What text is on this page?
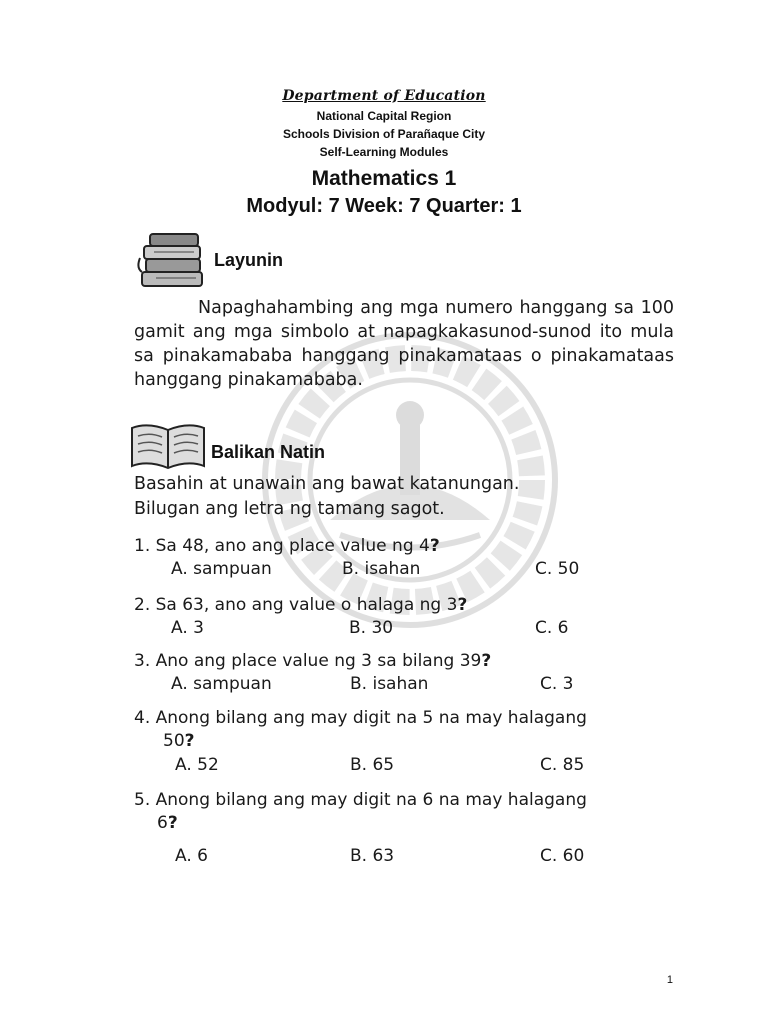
Department of Education

National Capital Region

Schools Division of Parañaque City

Self-Learning Modules

Mathematics 1

Modyul: 7 Week: 7 Quarter: 1

Layunin
Napaghahambing ang mga numero hanggang sa 100 gamit ang mga simbolo at napagkakasunod-sunod ito mula sa pinakamababa hanggang pinakamataas o pinakamataas hanggang pinakamababa.
Balikan Natin
Basahin at unawain ang bawat katanungan.
Bilugan ang letra ng tamang sagot.
1. Sa 48, ano ang place value ng 4?
A. sampuan	B. isahan	C. 50
2. Sa 63, ano ang value o halaga ng 3?
A. 3	B. 30	C. 6
3. Ano ang place value ng 3 sa bilang 39?
A. sampuan	B. isahan	C. 3
4. Anong bilang ang may digit na 5 na may halagang
50?
A. 52	B. 65	C. 85
5. Anong bilang ang may digit na 6 na may halagang
6?
A. 6	B. 63	C. 60
1
